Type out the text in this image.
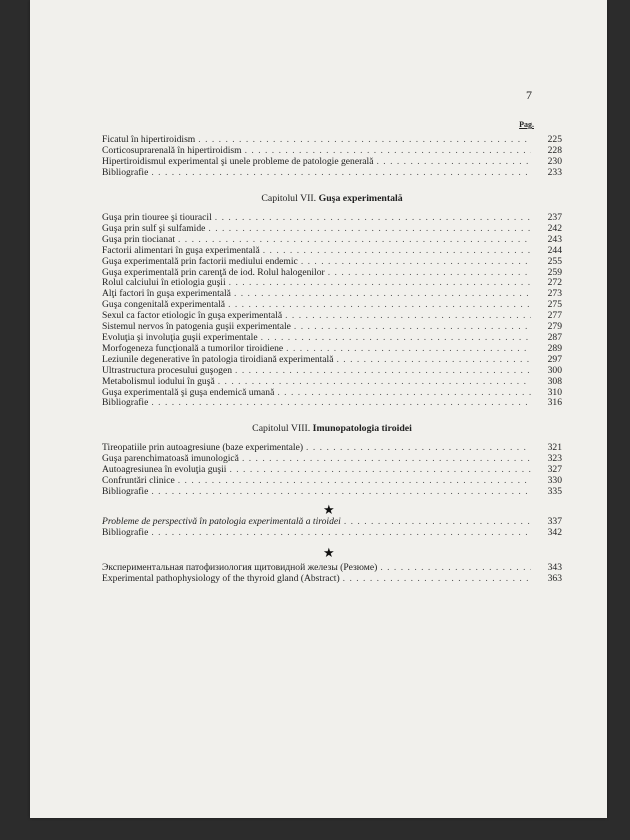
7
Pag.
Ficatul în hipertiroidism . . .	225
Corticosuprarenală în hipertiroidism . . .	228
Hipertiroidismul experimental şi unele probleme de patologie generală . . .	230
Bibliografie . . .	233
Capitolul VII. Guşa experimentală
Guşa prin tiouree şi tiouracil . . .	237
Guşa prin sulf şi sulfamide . . .	242
Guşa prin tiocianat . . .	243
Factorii alimentari în guşa experimentală . . .	244
Guşa experimentală prin factorii mediului endemic . . .	255
Guşa experimentală prin carenţă de iod. Rolul halogenilor . . .	259
Rolul calciului în etiologia guşii . . .	272
Alţi factori în guşa experimentală . . .	273
Guşa congenitală experimentală . . .	275
Sexul ca factor etiologic în guşa experimentală . . .	277
Sistemul nervos în patogenia guşii experimentale . . .	279
Evoluţia şi involuţia guşii experimentale . . .	287
Morfogeneza funcţională a tumorilor tiroidiene . . .	289
Leziunile degenerative în patologia tiroidiană experimentală . . .	297
Ultrastructura procesului guşogen . . .	300
Metabolismul iodului în guşă . . .	308
Guşa experimentală şi guşa endemică umană . . .	310
Bibliografie . . .	316
Capitolul VIII. Imunopatologia tiroidei
Tireopatiile prin autoagresiune (baze experimentale) . . .	321
Guşa parenchimatoasă imunologică . . .	323
Autoagresiunea în evoluţia guşii . . .	327
Confruntări clinice . . .	330
Bibliografie . . .	335
★
Probleme de perspectivă în patologia experimentală a tiroidei . . .	337
Bibliografie . . .	342
★
Экспериментальная патофизиология щитовидной железы (Резюме) . . .	343
Experimental pathophysiology of the thyroid gland (Abstract) . . .	363
